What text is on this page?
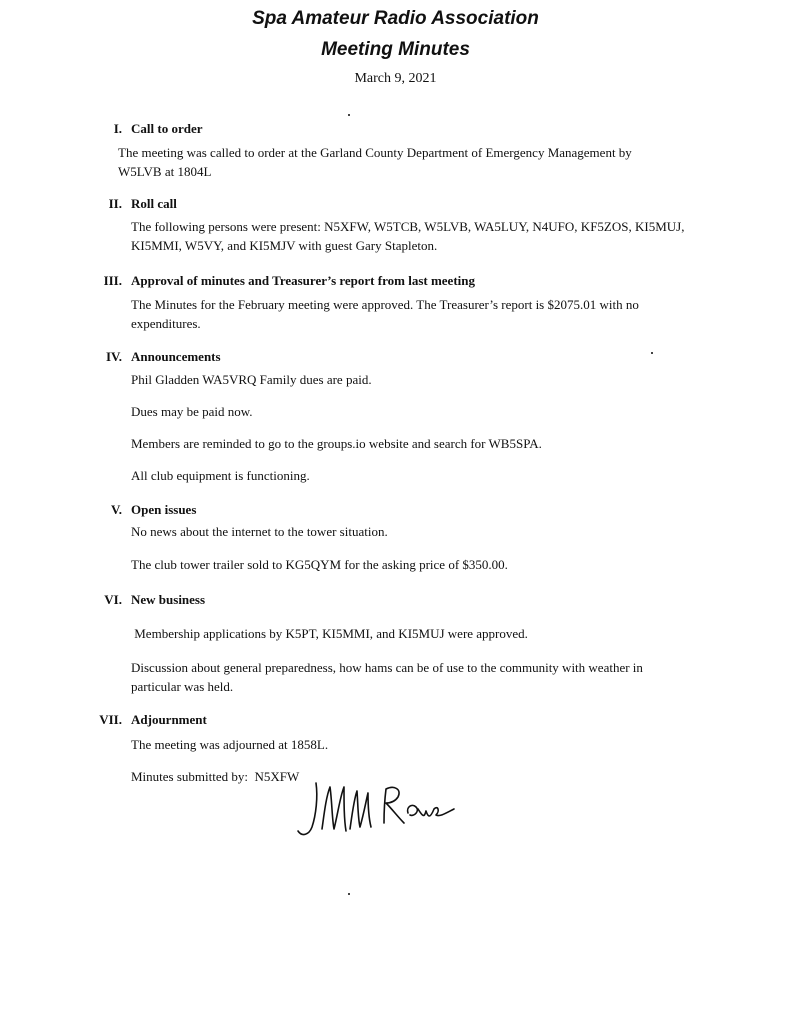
Spa Amateur Radio Association
Meeting Minutes
March 9, 2021
I. Call to order
The meeting was called to order at the Garland County Department of Emergency Management by W5LVB at 1804L
II. Roll call
The following persons were present: N5XFW, W5TCB, W5LVB, WA5LUY, N4UFO, KF5ZOS, KI5MUJ, KI5MMI, W5VY, and KI5MJV with guest Gary Stapleton.
III. Approval of minutes and Treasurer’s report from last meeting
The Minutes for the February meeting were approved. The Treasurer’s report is $2075.01 with no expenditures.
IV. Announcements
Phil Gladden WA5VRQ Family dues are paid.
Dues may be paid now.
Members are reminded to go to the groups.io website and search for WB5SPA.
All club equipment is functioning.
V. Open issues
No news about the internet to the tower situation.
The club tower trailer sold to KG5QYM for the asking price of $350.00.
VI. New business
Membership applications by K5PT, KI5MMI, and KI5MUJ were approved.
Discussion about general preparedness, how hams can be of use to the community with weather in particular was held.
VII. Adjournment
The meeting was adjourned at 1858L.
Minutes submitted by:  N5XFW
